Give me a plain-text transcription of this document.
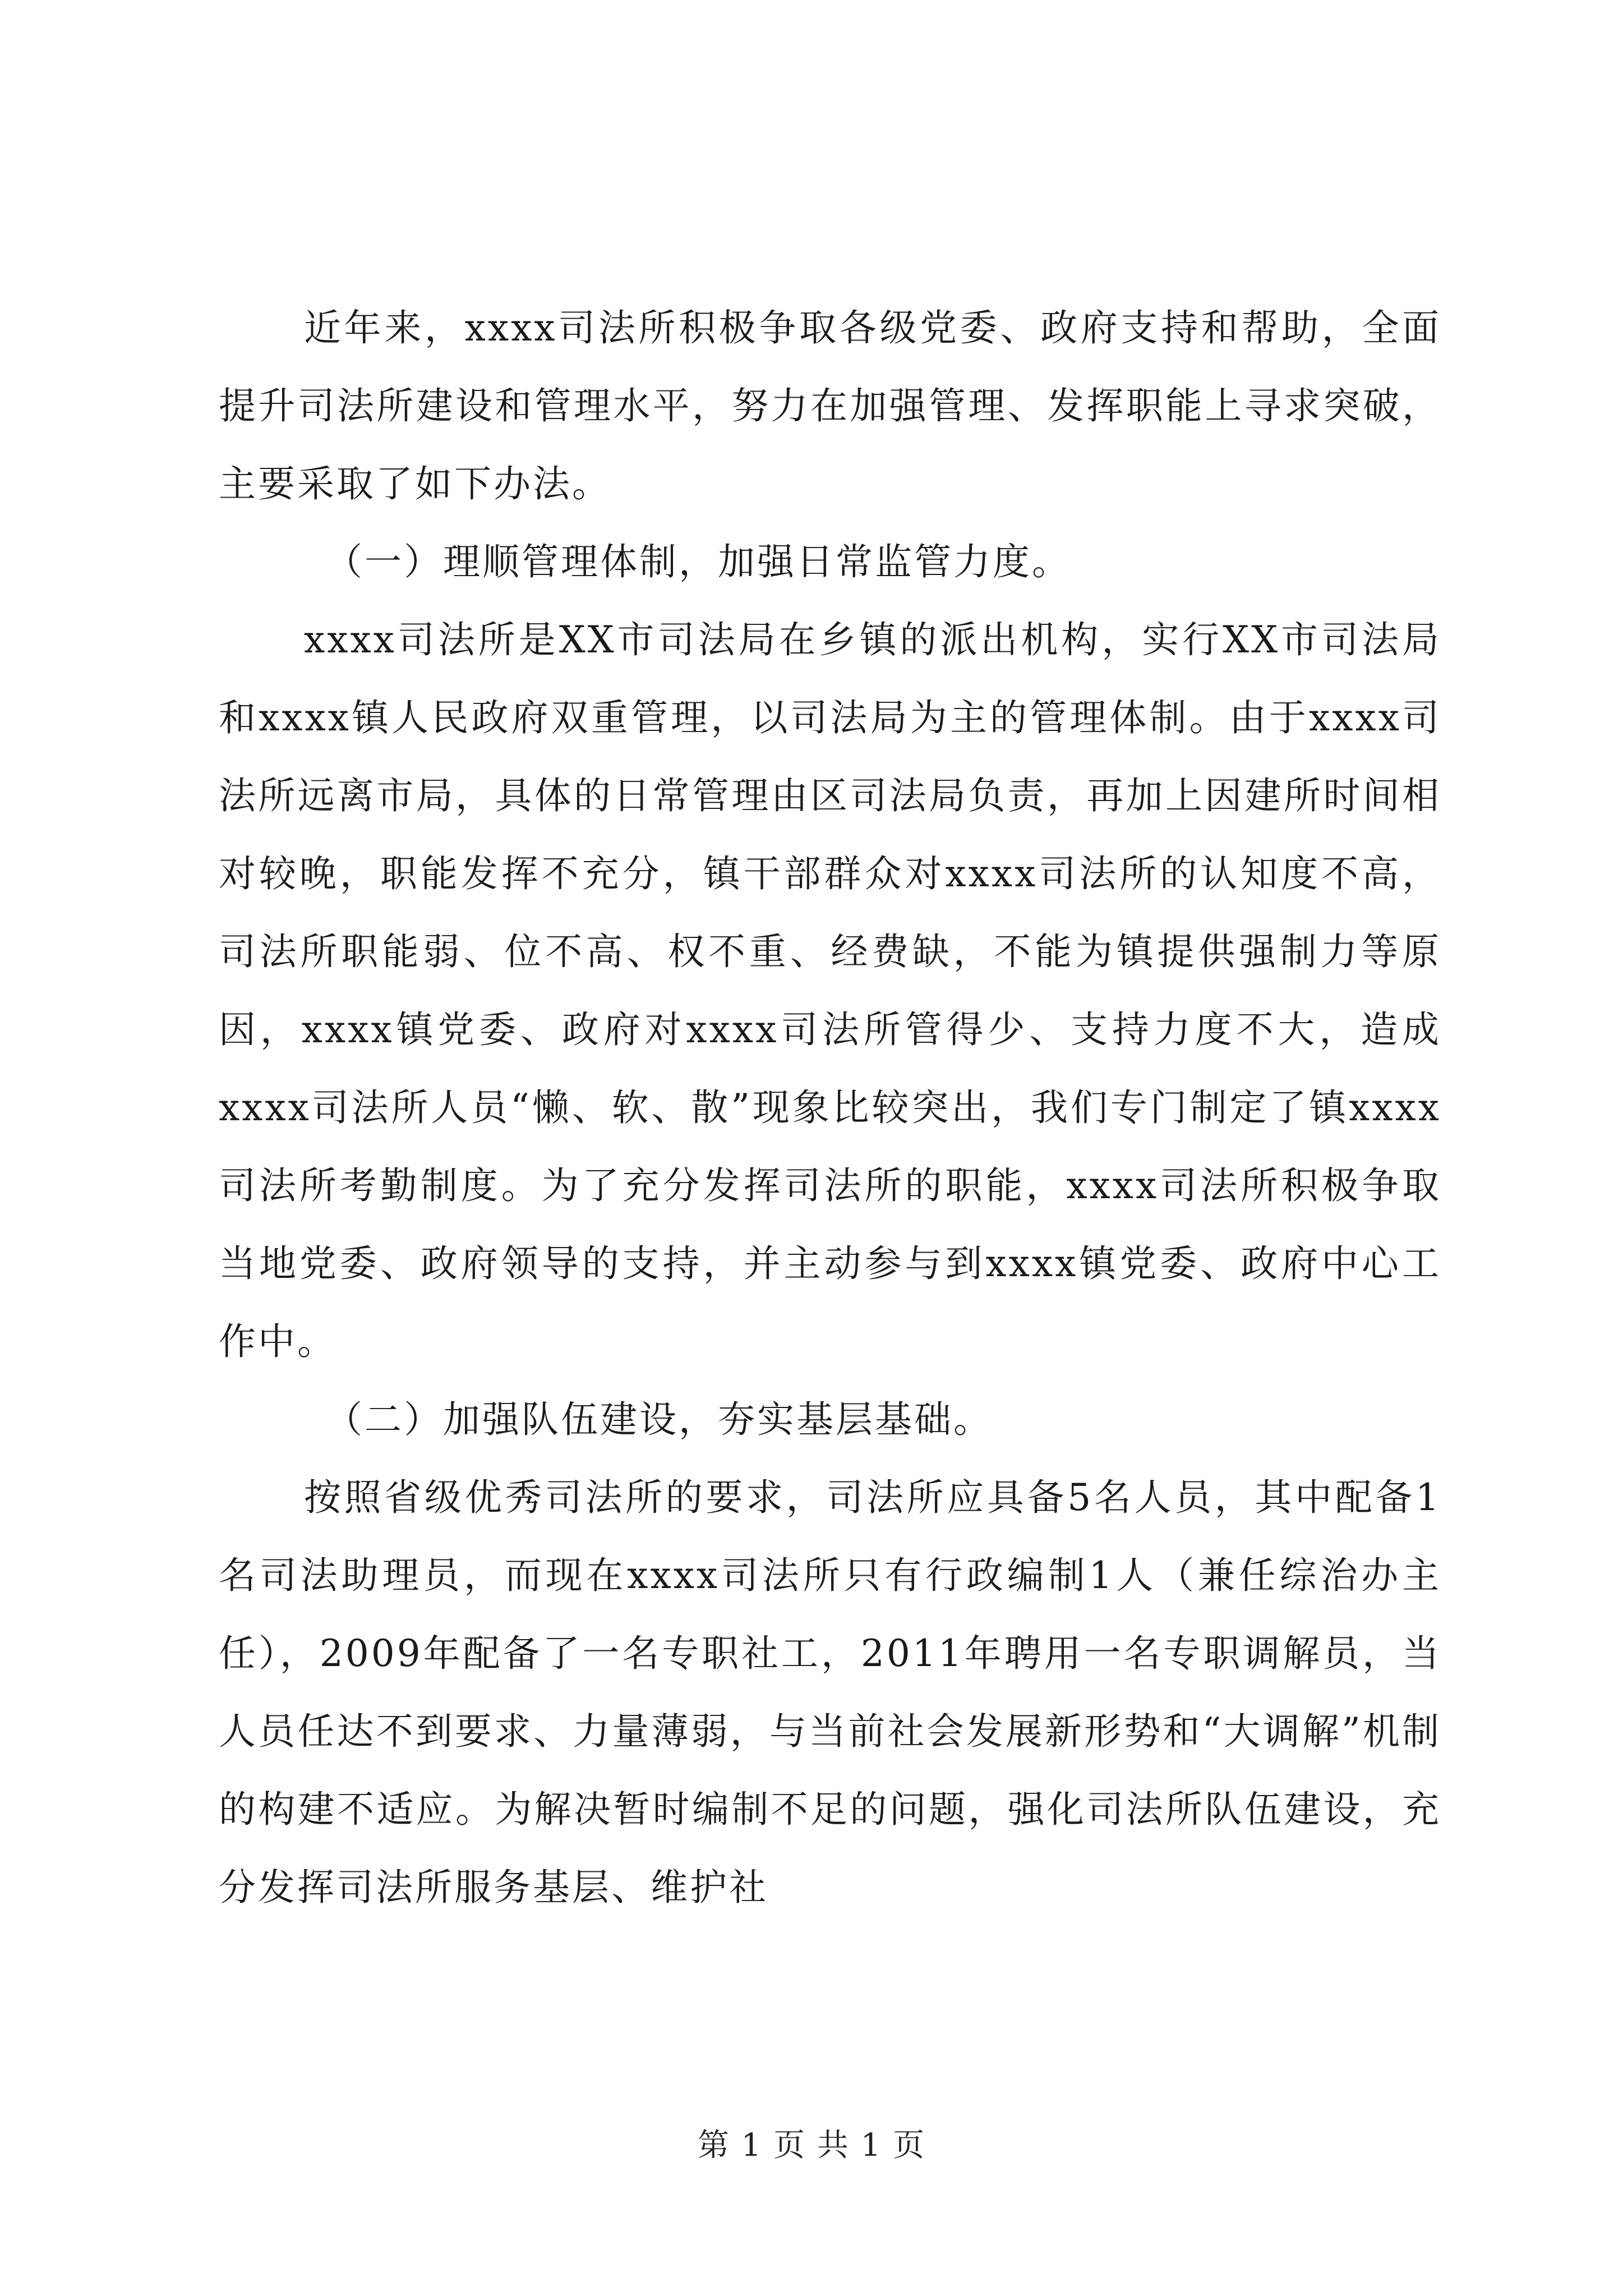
近年来，xxxx司法所积极争取各级党委、政府支持和帮助，全面提升司法所建设和管理水平，努力在加强管理、发挥职能上寻求突破，主要采取了如下办法。

（一）理顺管理体制，加强日常监管力度。

xxxx司法所是XX市司法局在乡镇的派出机构，实行XX市司法局和xxxx镇人民政府双重管理，以司法局为主的管理体制。由于xxxx司法所远离市局，具体的日常管理由区司法局负责，再加上因建所时间相对较晚，职能发挥不充分，镇干部群众对xxxx司法所的认知度不高，司法所职能弱、位不高、权不重、经费缺，不能为镇提供强制力等原因，xxxx镇党委、政府对xxxx司法所管得少、支持力度不大，造成xxxx司法所人员“懒、软、散”现象比较突出，我们专门制定了镇xxxx司法所考勤制度。为了充分发挥司法所的职能，xxxx司法所积极争取当地党委、政府领导的支持，并主动参与到xxxx镇党委、政府中心工作中。

（二）加强队伍建设，夯实基层基础。

按照省级优秀司法所的要求，司法所应具备5名人员，其中配备1名司法助理员，而现在xxxx司法所只有行政编制1人（兼任综治办主任），2009年配备了一名专职社工，2011年聘用一名专职调解员，当人员任达不到要求、力量薄弱，与当前社会发展新形势和“大调解”机制的构建不适应。为解决暂时编制不足的问题，强化司法所队伍建设，充分发挥司法所服务基层、维护社

第 1 页 共 1 页
